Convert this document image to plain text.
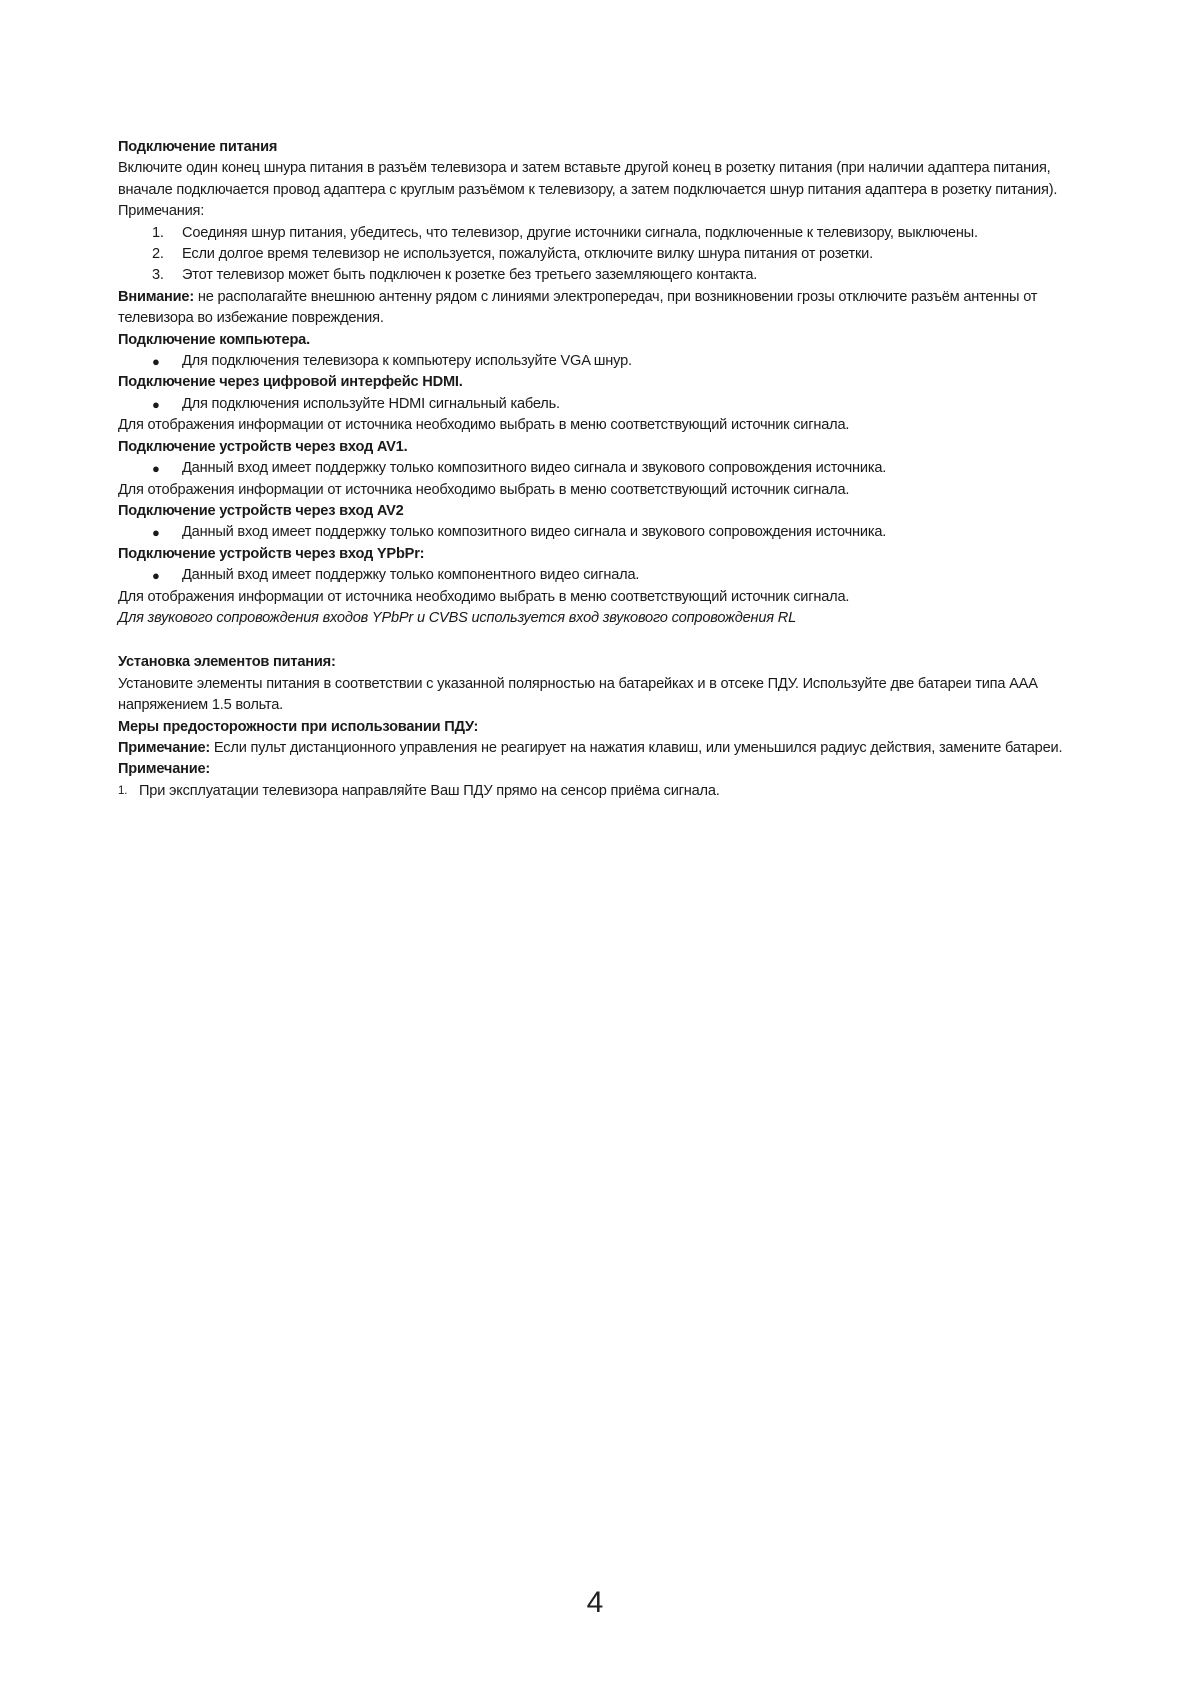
Подключение питания

Включите один конец шнура питания в разъём телевизора и затем вставьте другой конец в розетку питания (при наличии адаптера питания, вначале подключается провод адаптера с круглым разъёмом к телевизору, а затем подключается шнур питания адаптера в розетку питания).

Примечания:

1.	Соединяя шнур питания, убедитесь, что телевизор, другие источники сигнала, подключенные к телевизору, выключены.
2.	Если долгое время телевизор не используется, пожалуйста, отключите вилку шнура питания от розетки.
3.	Этот телевизор может быть подключен к розетке без третьего заземляющего контакта.

Внимание: не располагайте внешнюю антенну рядом с линиями электропередач, при возникновении грозы отключите разъём антенны от телевизора во избежание повреждения.

Подключение компьютера.

●	Для подключения телевизора к компьютеру используйте VGA шнур.

Подключение через цифровой интерфейс HDMI.

●	Для подключения используйте HDMI сигнальный кабель.

Для отображения информации от источника необходимо выбрать в меню соответствующий источник сигнала.

Подключение устройств через вход AV1.

●	Данный вход имеет поддержку только композитного видео сигнала и звукового сопровождения источника.

Для отображения информации от источника необходимо выбрать в меню соответствующий источник сигнала.

Подключение устройств через вход AV2

●	Данный вход имеет поддержку только композитного видео сигнала и звукового сопровождения источника.

Подключение устройств через вход YPbPr:

●	Данный вход имеет поддержку только компонентного видео сигнала.

Для отображения информации от источника необходимо выбрать в меню соответствующий источник сигнала.

Для звукового сопровождения входов YPbPr и CVBS используется вход звукового сопровождения RL

Установка элементов питания:

Установите элементы питания в соответствии с указанной полярностью на батарейках и в отсеке ПДУ. Используйте две батареи типа ААА напряжением 1.5 вольта.

Меры предосторожности при использовании ПДУ:

Примечание: Если пульт дистанционного управления не реагирует на нажатия клавиш, или уменьшился радиус действия, замените батареи.

Примечание:

1. При эксплуатации телевизора направляйте Ваш ПДУ прямо на сенсор приёма сигнала.
4
